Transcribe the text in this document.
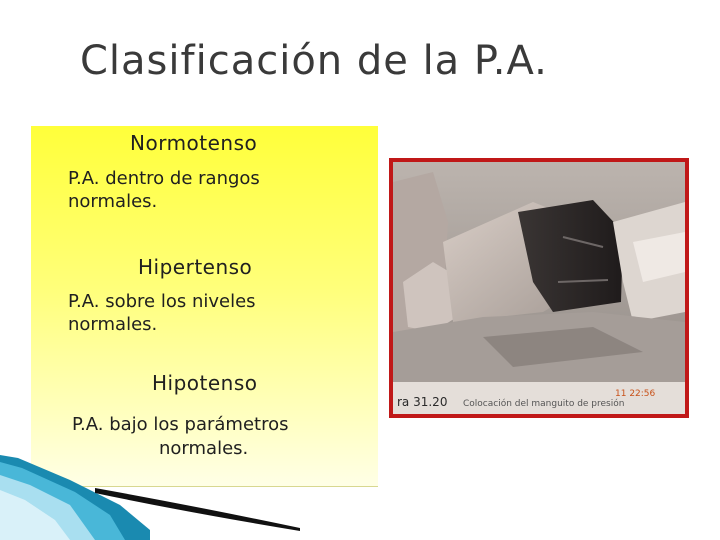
Clasificación de la P.A.
Normotenso
P.A. dentro de rangos
normales.
Hipertenso
P.A. sobre los niveles
normales.
Hipotenso
P.A. bajo los parámetros
normales.
ra 31.20 Colocación del manguito de presión
11 22:56
